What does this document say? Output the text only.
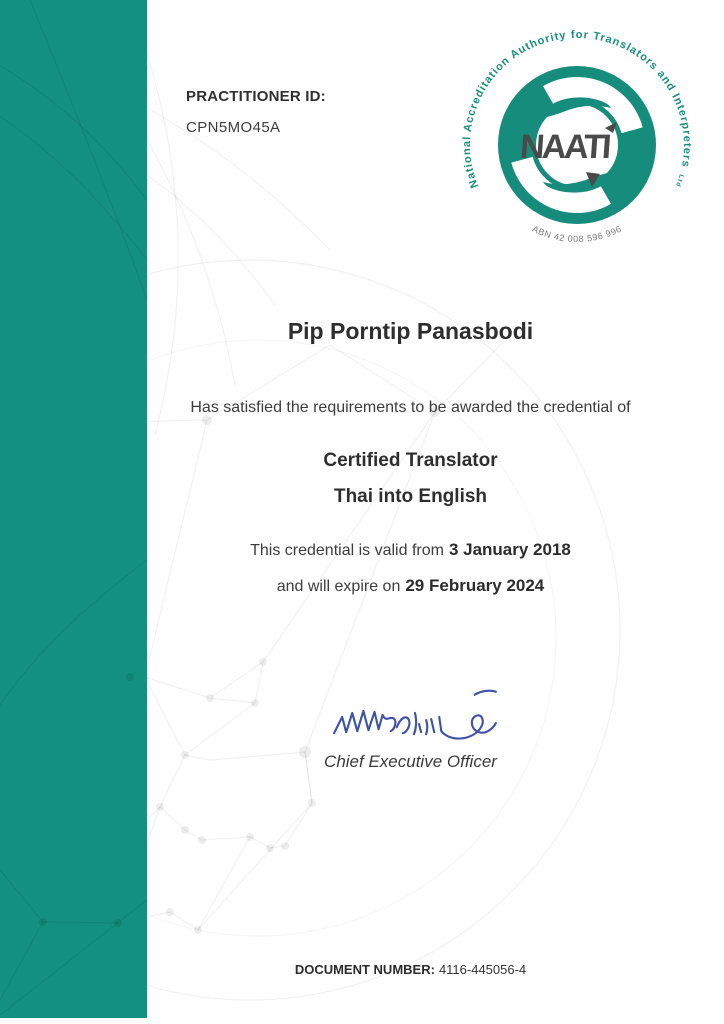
PRACTITIONER ID:
CPN5MO45A
NAATI
National Accreditation Authority for Translators and Interpreters Ltd
ABN 42 008 596 996
Pip Porntip Panasbodi
Has satisfied the requirements to be awarded the credential of
Certified Translator
Thai into English
This credential is valid from 3 January 2018
and will expire on 29 February 2024
Chief Executive Officer
DOCUMENT NUMBER: 4116-445056-4
